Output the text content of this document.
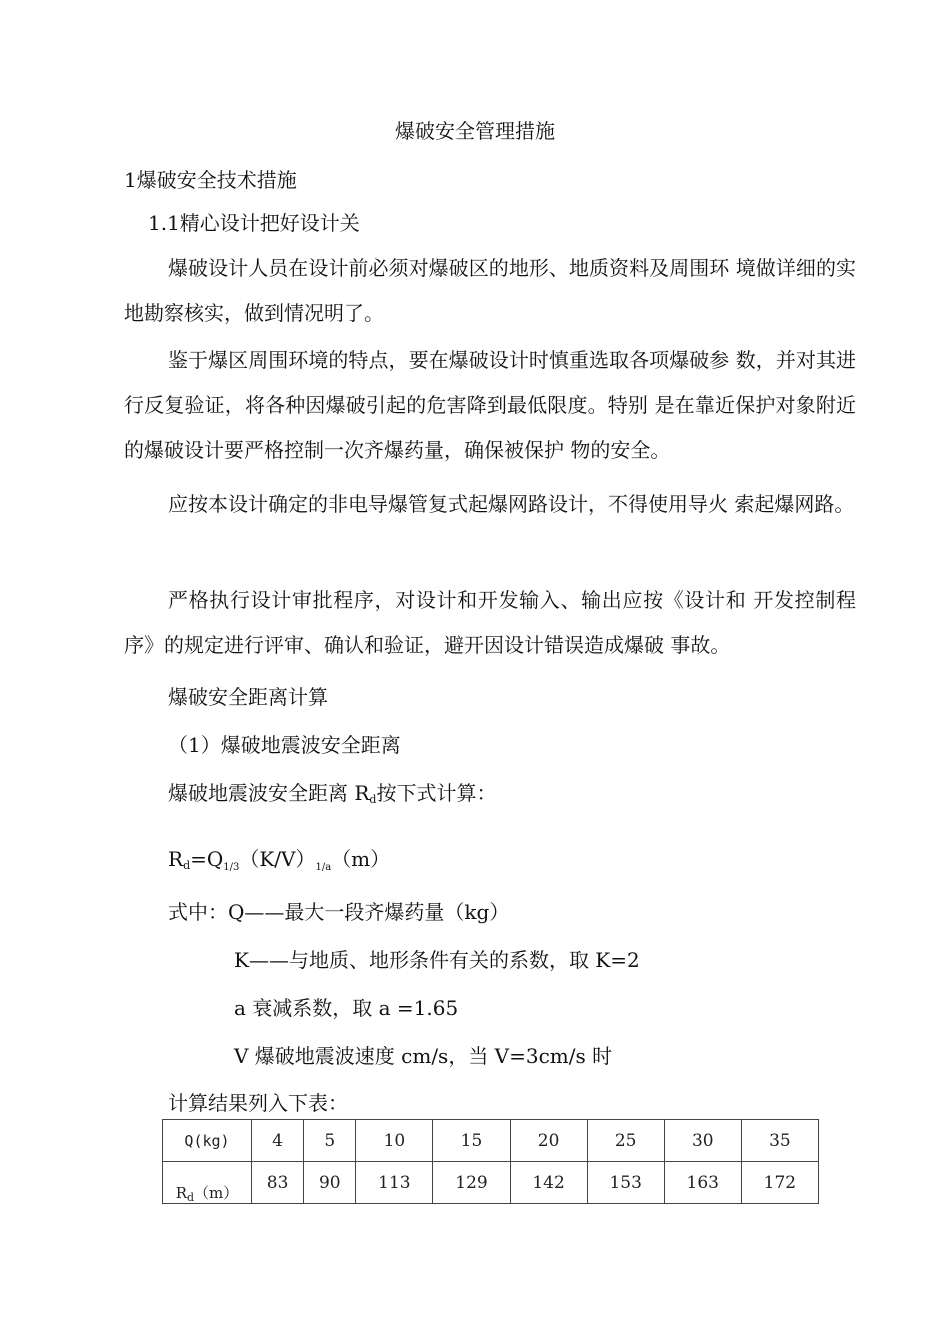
爆破安全管理措施
1爆破安全技术措施
1.1精心设计把好设计关
爆破设计人员在设计前必须对爆破区的地形、地质资料及周围环 境做详细的实地勘察核实，做到情况明了。
鉴于爆区周围环境的特点，要在爆破设计时慎重选取各项爆破参 数，并对其进行反复验证，将各种因爆破引起的危害降到最低限度。特别 是在靠近保护对象附近的爆破设计要严格控制一次齐爆药量，确保被保护 物的安全。
应按本设计确定的非电导爆管复式起爆网路设计，不得使用导火 索起爆网路。
严格执行设计审批程序，对设计和开发输入、输出应按《设计和 开发控制程序》的规定进行评审、确认和验证，避开因设计错误造成爆破 事故。
爆破安全距离计算
（1）爆破地震波安全距离
爆破地震波安全距离 $R_d$按下式计算：
$R_d=Q_{1/3}(K/V)_{1/a}(m)$
式中：Q——最大一段齐爆药量（kg）
K——与地质、地形条件有关的系数，取 K=2
a 衰减系数，取 a =1.65
V 爆破地震波速度 cm/s，当 V=3cm/s 时
计算结果列入下表：
Q(kg)	4	5	10	15	20	25	30	35
$R_d(m)$	83	90	113	129	142	153	163	172
